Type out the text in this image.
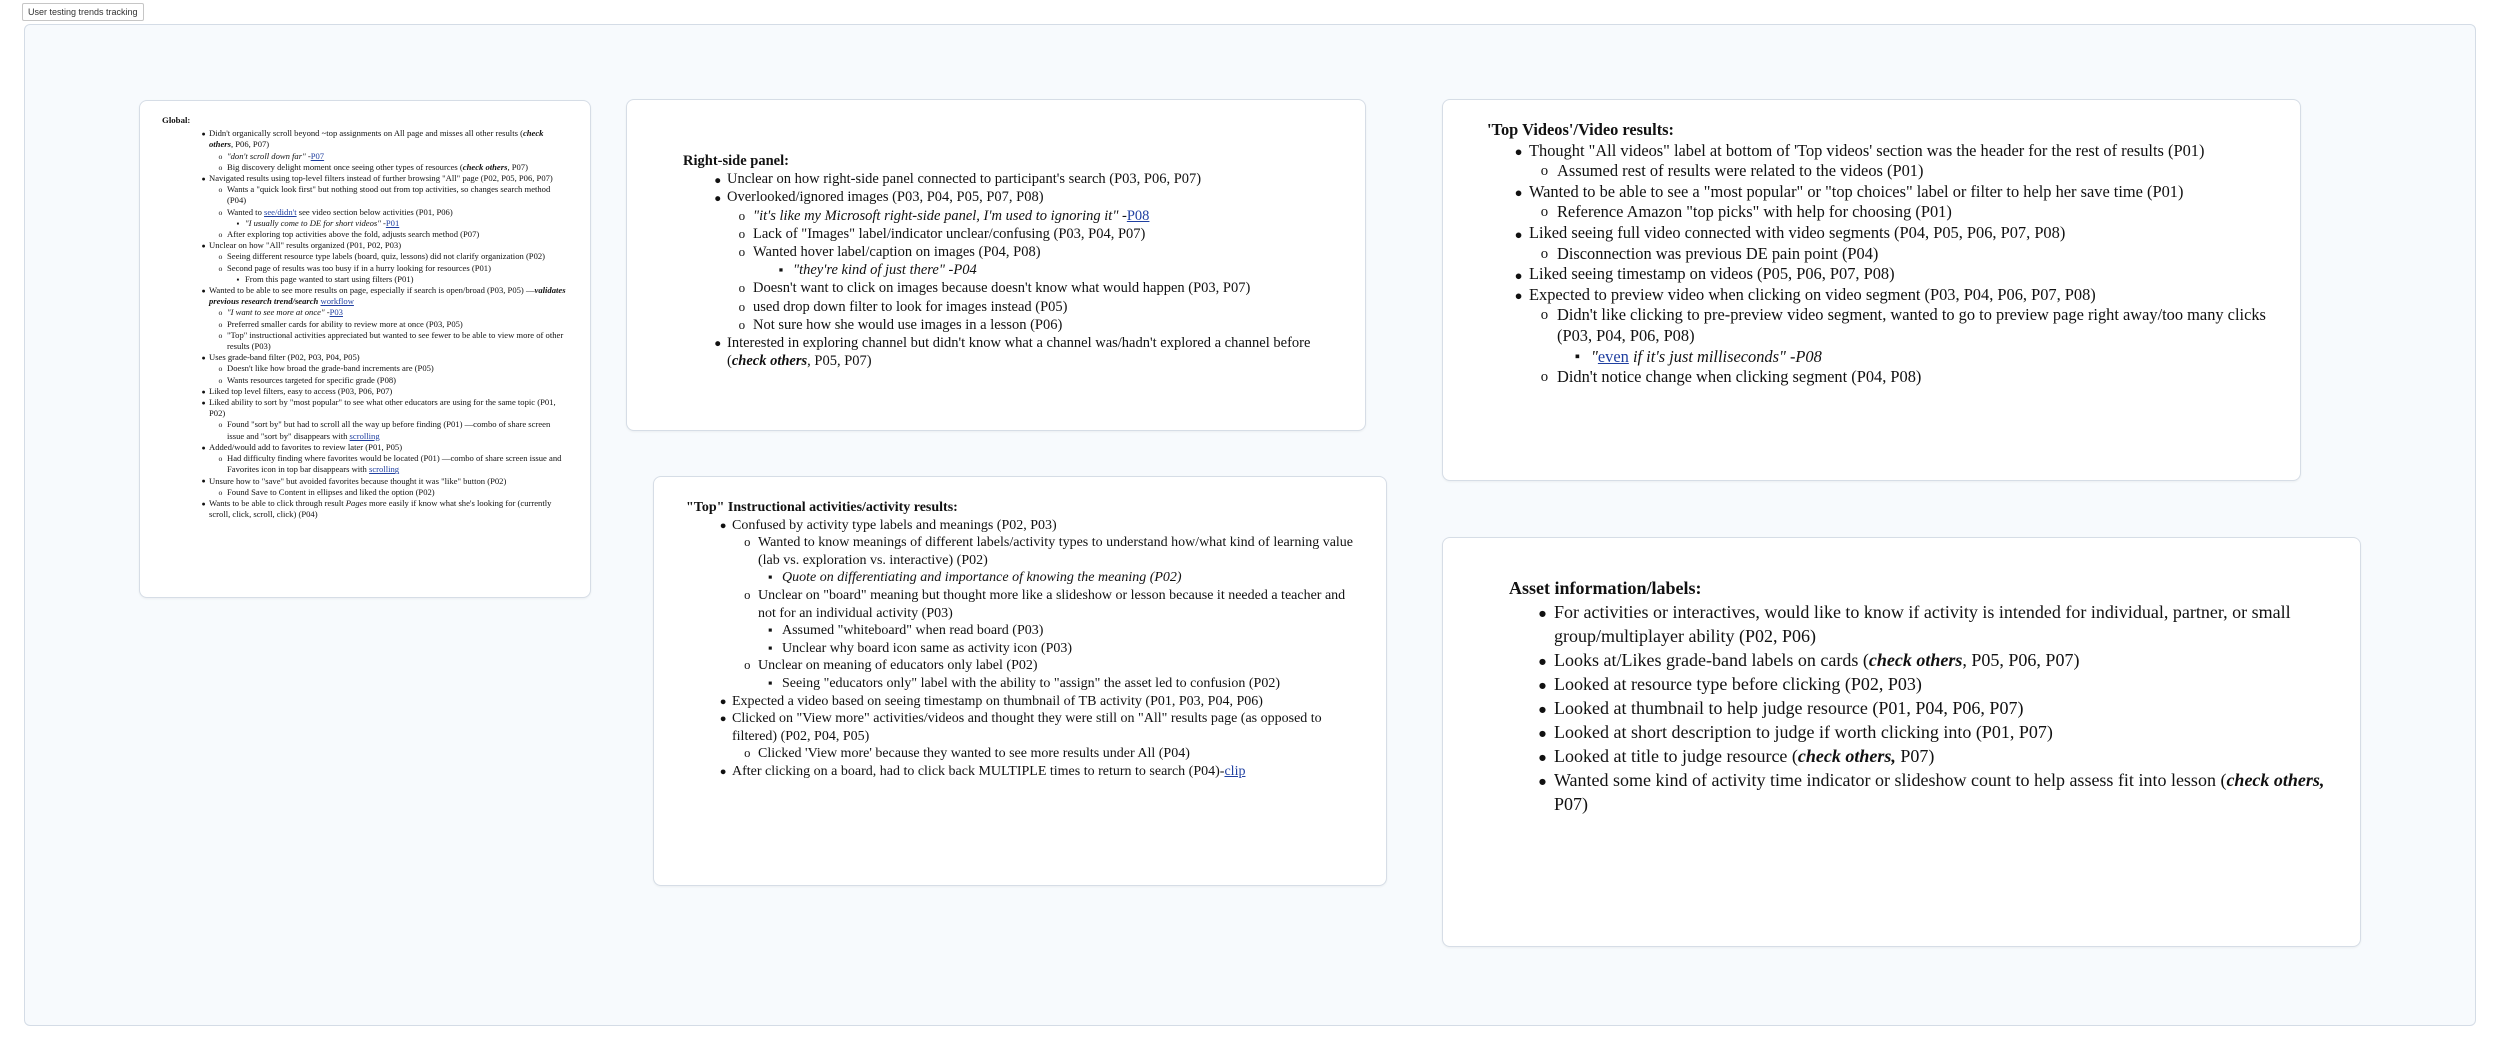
User testing trends tracking

Global:

● Didn't organically scroll beyond ~top assignments on All page and misses all other results (check others, P06, P07)
o "don't scroll down far" -P07
o Big discovery delight moment once seeing other types of resources (check others, P07)
● Navigated results using top-level filters instead of further browsing "All" page (P02, P05, P06, P07)
o Wants a "quick look first" but nothing stood out from top activities, so changes search method (P04)
o Wanted to see/didn't see video section below activities (P01, P06)
▪ "I usually come to DE for short videos" -P01
o After exploring top activities above the fold, adjusts search method (P07)
● Unclear on how "All" results organized (P01, P02, P03)
o Seeing different resource type labels (board, quiz, lessons) did not clarify organization (P02)
o Second page of results was too busy if in a hurry looking for resources (P01)
▪ From this page wanted to start using filters (P01)
● Wanted to be able to see more results on page, especially if search is open/broad (P03, P05) —validates previous research trend/search workflow
o "I want to see more at once" -P03
o Preferred smaller cards for ability to review more at once (P03, P05)
o "Top" instructional activities appreciated but wanted to see fewer to be able to view more of other results (P03)
● Uses grade-band filter (P02, P03, P04, P05)
o Doesn't like how broad the grade-band increments are (P05)
o Wants resources targeted for specific grade (P08)
● Liked top level filters, easy to access (P03, P06, P07)
● Liked ability to sort by "most popular" to see what other educators are using for the same topic (P01, P02)
o Found "sort by" but had to scroll all the way up before finding (P01) —combo of share screen issue and "sort by" disappears with scrolling
● Added/would add to favorites to review later (P01, P05)
o Had difficulty finding where favorites would be located (P01) —combo of share screen issue and Favorites icon in top bar disappears with scrolling
● Unsure how to "save" but avoided favorites because thought it was "like" button (P02)
o Found Save to Content in ellipses and liked the option (P02)
● Wants to be able to click through result Pages more easily if know what she's looking for (currently scroll, click, scroll, click) (P04)

Right-side panel:

● Unclear on how right-side panel connected to participant's search (P03, P06, P07)
● Overlooked/ignored images (P03, P04, P05, P07, P08)
o "it's like my Microsoft right-side panel, I'm used to ignoring it" -P08
o Lack of "Images" label/indicator unclear/confusing (P03, P04, P07)
o Wanted hover label/caption on images (P04, P08)
▪ "they're kind of just there" -P04
o Doesn't want to click on images because doesn't know what would happen (P03, P07)
o used drop down filter to look for images instead (P05)
o Not sure how she would use images in a lesson (P06)
● Interested in exploring channel but didn't know what a channel was/hadn't explored a channel before (check others, P05, P07)

"Top" Instructional activities/activity results:

● Confused by activity type labels and meanings (P02, P03)
o Wanted to know meanings of different labels/activity types to understand how/what kind of learning value (lab vs. exploration vs. interactive) (P02)
▪ Quote on differentiating and importance of knowing the meaning (P02)
o Unclear on "board" meaning but thought more like a slideshow or lesson because it needed a teacher and not for an individual activity (P03)
▪ Assumed "whiteboard" when read board (P03)
▪ Unclear why board icon same as activity icon (P03)
o Unclear on meaning of educators only label (P02)
▪ Seeing "educators only" label with the ability to "assign" the asset led to confusion (P02)
● Expected a video based on seeing timestamp on thumbnail of TB activity (P01, P03, P04, P06)
● Clicked on "View more" activities/videos and thought they were still on "All" results page (as opposed to filtered) (P02, P04, P05)
o Clicked 'View more' because they wanted to see more results under All (P04)
● After clicking on a board, had to click back MULTIPLE times to return to search (P04)-clip

'Top Videos'/Video results:

● Thought "All videos" label at bottom of 'Top videos' section was the header for the rest of results (P01)
o Assumed rest of results were related to the videos (P01)
● Wanted to be able to see a "most popular" or "top choices" label or filter to help her save time (P01)
o Reference Amazon "top picks" with help for choosing (P01)
● Liked seeing full video connected with video segments (P04, P05, P06, P07, P08)
o Disconnection was previous DE pain point (P04)
● Liked seeing timestamp on videos (P05, P06, P07, P08)
● Expected to preview video when clicking on video segment (P03, P04, P06, P07, P08)
o Didn't like clicking to pre-preview video segment, wanted to go to preview page right away/too many clicks (P03, P04, P06, P08)
▪ "even if it's just milliseconds" -P08
o Didn't notice change when clicking segment (P04, P08)

Asset information/labels:

● For activities or interactives, would like to know if activity is intended for individual, partner, or small group/multiplayer ability (P02, P06)
● Looks at/Likes grade-band labels on cards (check others, P05, P06, P07)
● Looked at resource type before clicking (P02, P03)
● Looked at thumbnail to help judge resource (P01, P04, P06, P07)
● Looked at short description to judge if worth clicking into (P01, P07)
● Looked at title to judge resource (check others, P07)
● Wanted some kind of activity time indicator or slideshow count to help assess fit into lesson (check others, P07)
